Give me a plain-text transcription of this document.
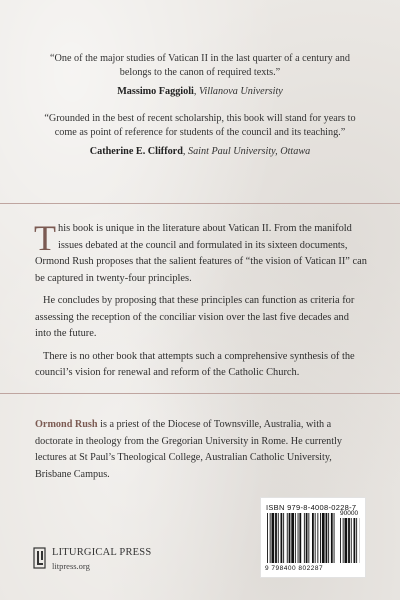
“One of the major studies of Vatican II in the last quarter of a century and belongs to the canon of required texts.”

Massimo Faggioli, Villanova University

“Grounded in the best of recent scholarship, this book will stand for years to come as point of reference for students of the council and its teaching.”

Catherine E. Clifford, Saint Paul University, Ottawa

This book is unique in the literature about Vatican II. From the manifold issues debated at the council and formulated in its sixteen documents, Ormond Rush proposes that the salient features of “the vision of Vatican II” can be captured in twenty-four principles.

He concludes by proposing that these principles can function as criteria for assessing the reception of the conciliar vision over the last five decades and into the future.

There is no other book that attempts such a comprehensive synthesis of the council’s vision for renewal and reform of the Catholic Church.

Ormond Rush is a priest of the Diocese of Townsville, Australia, with a doctorate in theology from the Gregorian University in Rome. He currently lectures at St Paul’s Theological College, Australian Catholic University, Brisbane Campus.

LITURGICAL PRESS
litpress.org
ISBN 979-8-4008-0228-7
90000
9 798400 802287
